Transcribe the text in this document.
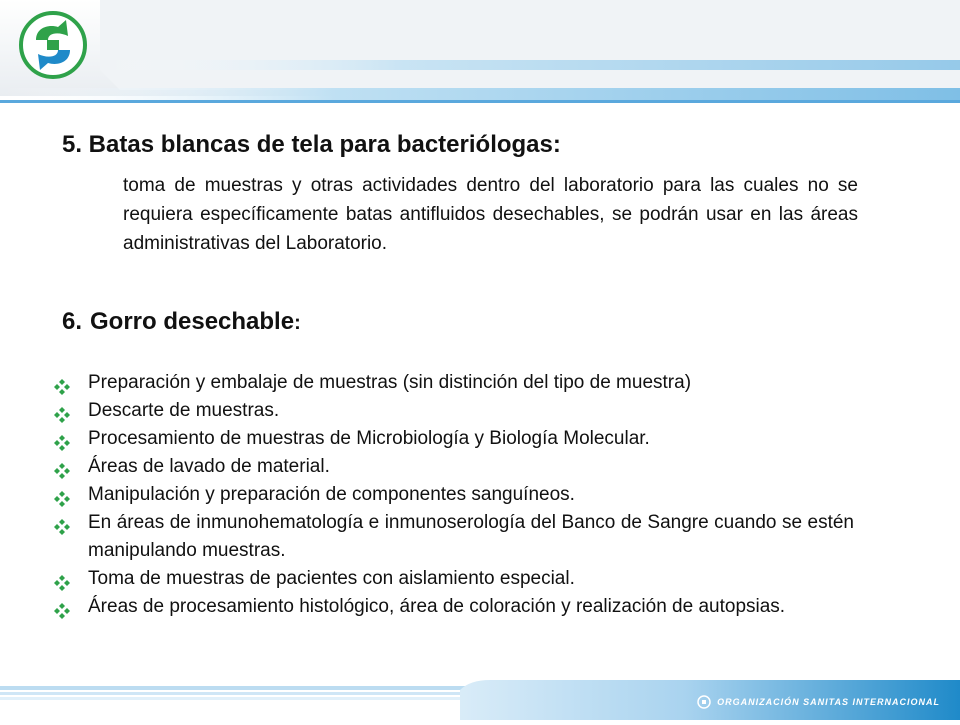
5. Batas blancas de tela para bacteriólogas:
toma de muestras y otras actividades dentro del laboratorio para las cuales no se requiera específicamente batas antifluidos desechables, se podrán usar en las áreas administrativas del Laboratorio.
6. Gorro desechable:
Preparación y embalaje de muestras (sin distinción del tipo de muestra)
Descarte de muestras.
Procesamiento de muestras de Microbiología y Biología Molecular.
Áreas de lavado de material.
Manipulación y preparación de componentes sanguíneos.
En áreas de inmunohematología e inmunoserología del Banco de Sangre cuando se estén manipulando muestras.
Toma de muestras de pacientes con aislamiento especial.
Áreas de procesamiento histológico, área de coloración y realización de autopsias.
ORGANIZACIÓN SANITAS INTERNACIONAL
